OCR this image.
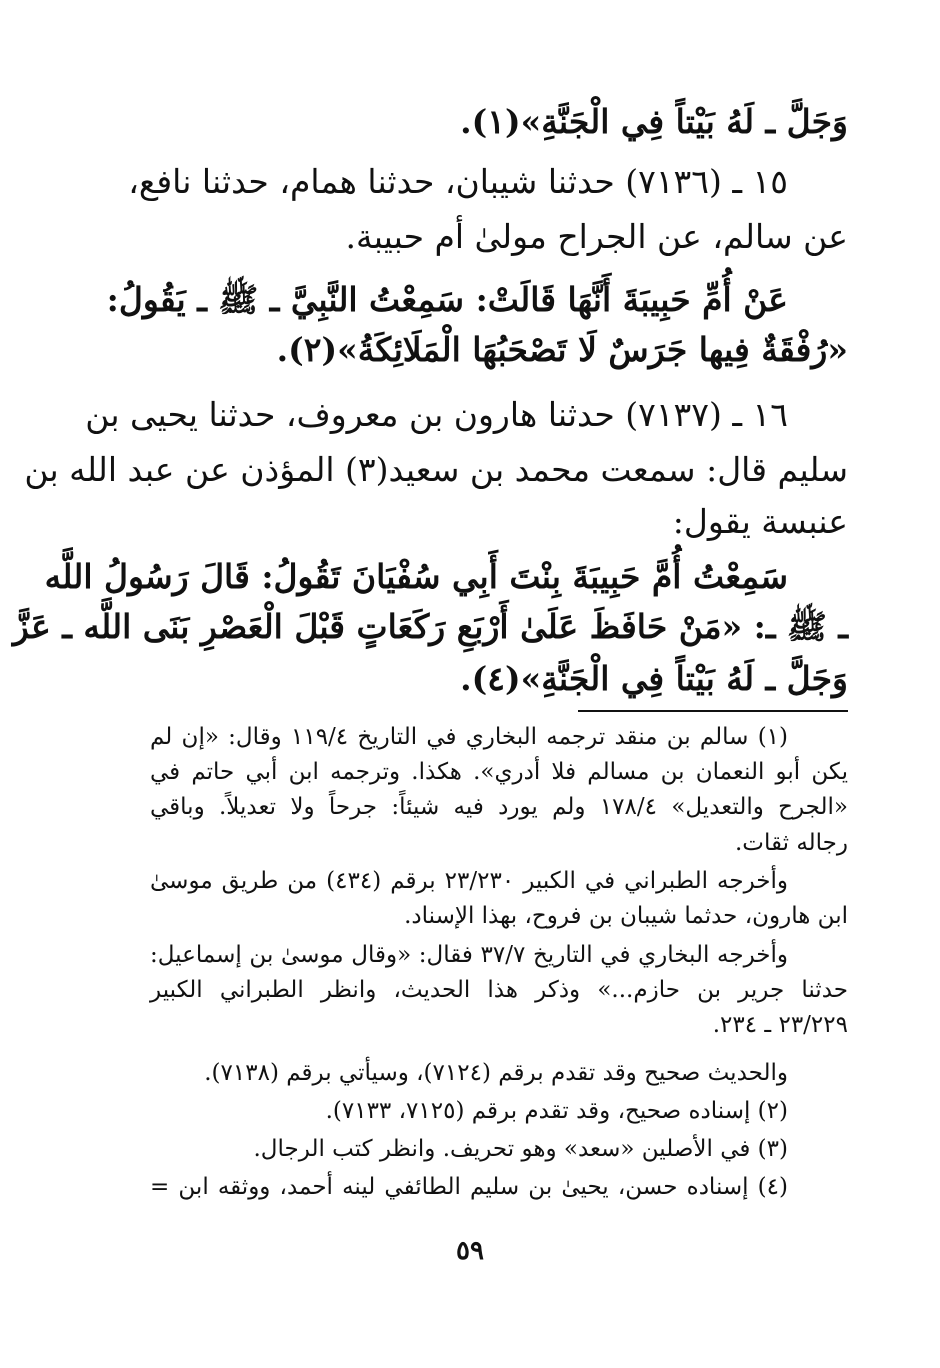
وَجَلَّ ـ لَهُ بَيْتاً فِي الْجَنَّةِ»(١).
١٥ ـ (٧١٣٦) حدثنا شيبان، حدثنا همام، حدثنا نافع،
عن سالم، عن الجراح مولىٰ أم حبيبة.
عَنْ أُمِّ حَبِيبَةَ أَنَّهَا قَالَتْ: سَمِعْتُ النَّبِيَّ ـ ﷺ ـ يَقُولُ:
«رُفْقَةٌ فِيها جَرَسٌ لَا تَصْحَبُهَا الْمَلَائِكَةُ»(٢).
١٦ ـ (٧١٣٧) حدثنا هارون بن معروف، حدثنا يحيى بن
سليم قال: سمعت محمد بن سعيد(٣) المؤذن عن عبد الله بن
عنبسة يقول:
سَمِعْتُ أُمَّ حَبِيبَةَ بِنْتَ أَبِي سُفْيَانَ تَقُولُ: قَالَ رَسُولُ اللَّه
ـ ﷺ ـ: «مَنْ حَافَظَ عَلَىٰ أَرْبَعِ رَكَعَاتٍ قَبْلَ الْعَصْرِ بَنَى اللَّه ـ عَزَّ
وَجَلَّ ـ لَهُ بَيْتاً فِي الْجَنَّةِ»(٤).
(١) سالم بن منقد ترجمه البخاري في التاريخ ١١٩/٤ وقال: «إن لم
يكن أبو النعمان بن مسالم فلا أدري». هكذا. وترجمه ابن أبي حاتم في
«الجرح والتعديل» ١٧٨/٤ ولم يورد فيه شيئاً: جرحاً ولا تعديلاً. وباقي
رجاله ثقات.
وأخرجه الطبراني في الكبير ٢٣/٢٣٠ برقم (٤٣٤) من طريق موسىٰ
ابن هارون، حدثما شيبان بن فروح، بهذا الإسناد.
وأخرجه البخاري في التاريخ ٣٧/٧ فقال: «وقال موسىٰ بن إسماعيل:
حدثنا جرير بن حازم...» وذكر هذا الحديث، وانظر الطبراني الكبير
٢٣/٢٢٩ ـ ٢٣٤.
والحديث صحيح وقد تقدم برقم (٧١٢٤)، وسيأتي برقم (٧١٣٨).
(٢) إسناده صحيح، وقد تقدم برقم (٧١٢٥، ٧١٣٣).
(٣) في الأصلين «سعد» وهو تحريف. وانظر كتب الرجال.
(٤) إسناده حسن، يحيىٰ بن سليم الطائفي لينه أحمد، ووثقه ابن =
٥٩
